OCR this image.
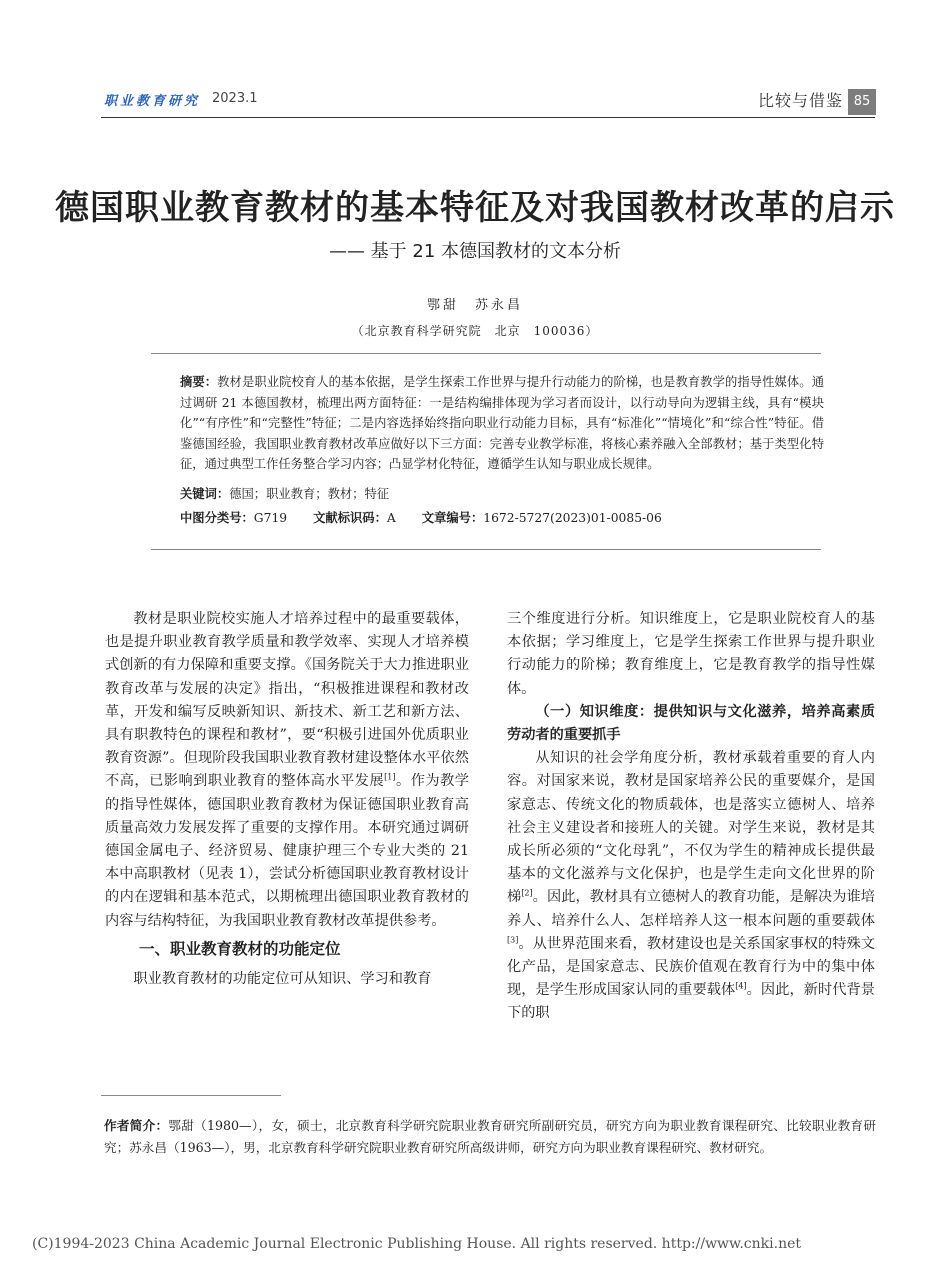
职业教育研究 2023.1	比较与借鉴 85
德国职业教育教材的基本特征及对我国教材改革的启示
—— 基于 21 本德国教材的文本分析
鄂甜　苏永昌
（北京教育科学研究院　北京　100036）
摘要：教材是职业院校育人的基本依据，是学生探索工作世界与提升行动能力的阶梯，也是教育教学的指导性媒体。通过调研 21 本德国教材，梳理出两方面特征：一是结构编排体现为学习者而设计，以行动导向为逻辑主线，具有“模块化”“有序性”和“完整性”特征；二是内容选择始终指向职业行动能力目标，具有“标准化”“情境化”和“综合性”特征。借鉴德国经验，我国职业教育教材改革应做好以下三方面：完善专业教学标准，将核心素养融入全部教材；基于类型化特征，通过典型工作任务整合学习内容；凸显学材化特征，遵循学生认知与职业成长规律。
关键词：德国；职业教育；教材；特征
中图分类号：G719 文献标识码：A 文章编号：1672-5727(2023)01-0085-06

教材是职业院校实施人才培养过程中的最重要载体，也是提升职业教育教学质量和教学效率、实现人才培养模式创新的有力保障和重要支撑。《国务院关于大力推进职业教育改革与发展的决定》指出，“积极推进课程和教材改革，开发和编写反映新知识、新技术、新工艺和新方法、具有职教特色的课程和教材”，要“积极引进国外优质职业教育资源”。但现阶段我国职业教育教材建设整体水平依然不高，已影响到职业教育的整体高水平发展[1]。作为教学的指导性媒体，德国职业教育教材为保证德国职业教育高质量高效力发展发挥了重要的支撑作用。本研究通过调研德国金属电子、经济贸易、健康护理三个专业大类的 21 本中高职教材（见表 1），尝试分析德国职业教育教材设计的内在逻辑和基本范式，以期梳理出德国职业教育教材的内容与结构特征，为我国职业教育教材改革提供参考。

一、职业教育教材的功能定位

职业教育教材的功能定位可从知识、学习和教育

三个维度进行分析。知识维度上，它是职业院校育人的基本依据；学习维度上，它是学生探索工作世界与提升职业行动能力的阶梯；教育维度上，它是教育教学的指导性媒体。

（一）知识维度：提供知识与文化滋养，培养高素质劳动者的重要抓手

从知识的社会学角度分析，教材承载着重要的育人内容。对国家来说，教材是国家培养公民的重要媒介，是国家意志、传统文化的物质载体，也是落实立德树人、培养社会主义建设者和接班人的关键。对学生来说，教材是其成长所必须的“文化母乳”，不仅为学生的精神成长提供最基本的文化滋养与文化保护，也是学生走向文化世界的阶梯[2]。因此，教材具有立德树人的教育功能，是解决为谁培养人、培养什么人、怎样培养人这一根本问题的重要载体[3]。从世界范围来看，教材建设也是关系国家事权的特殊文化产品，是国家意志、民族价值观在教育行为中的集中体现，是学生形成国家认同的重要载体[4]。因此，新时代背景下的职

作者简介：鄂甜（1980—），女，硕士，北京教育科学研究院职业教育研究所副研究员，研究方向为职业教育课程研究、比较职业教育研究；苏永昌（1963—），男，北京教育科学研究院职业教育研究所高级讲师，研究方向为职业教育课程研究、教材研究。
(C)1994-2023 China Academic Journal Electronic Publishing House. All rights reserved. http://www.cnki.net
